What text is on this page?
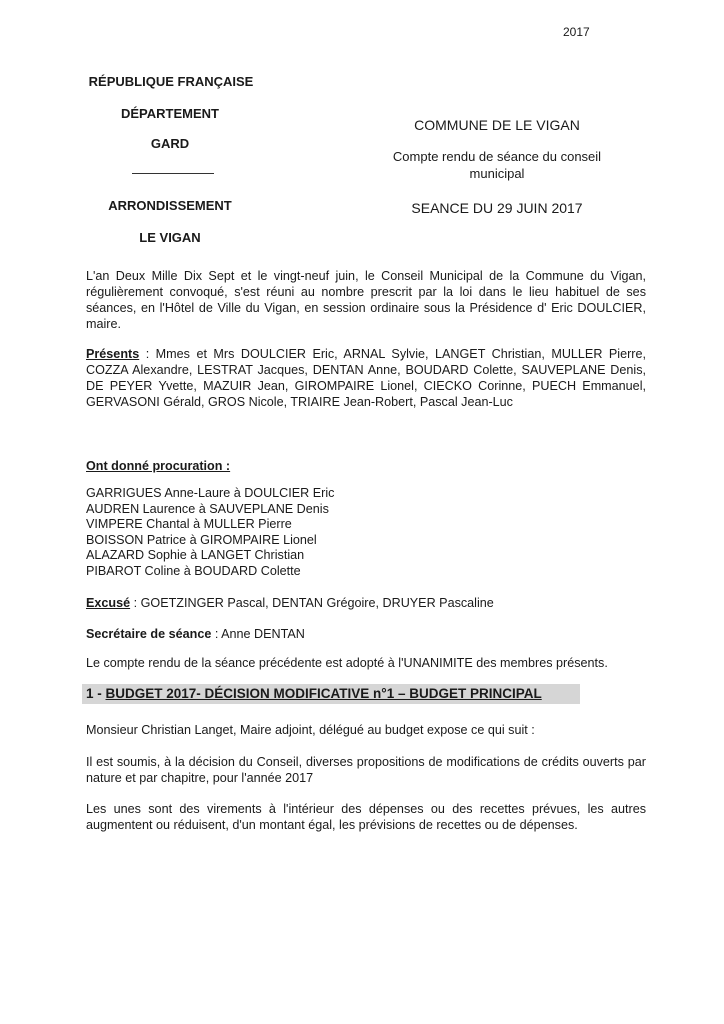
2017
RÉPUBLIQUE FRANÇAISE
DÉPARTEMENT
GARD
ARRONDISSEMENT
LE VIGAN
COMMUNE DE LE VIGAN
Compte rendu de séance du conseil municipal
SEANCE DU 29 JUIN 2017
L'an Deux Mille Dix Sept et le vingt-neuf juin, le Conseil Municipal de la Commune du Vigan, régulièrement convoqué, s'est réuni au nombre prescrit par la loi dans le lieu habituel de ses séances, en l'Hôtel de Ville du Vigan, en session ordinaire sous la Présidence d' Eric DOULCIER, maire.
Présents : Mmes et Mrs DOULCIER Eric, ARNAL Sylvie, LANGET Christian, MULLER Pierre, COZZA Alexandre, LESTRAT Jacques, DENTAN Anne, BOUDARD Colette, SAUVEPLANE Denis, DE PEYER Yvette, MAZUIR Jean, GIROMPAIRE Lionel, CIECKO Corinne, PUECH Emmanuel, GERVASONI Gérald, GROS Nicole, TRIAIRE Jean-Robert, Pascal Jean-Luc
Ont donné procuration :
GARRIGUES Anne-Laure à DOULCIER Eric
AUDREN Laurence à SAUVEPLANE Denis
VIMPERE Chantal à MULLER Pierre
BOISSON Patrice à GIROMPAIRE Lionel
ALAZARD Sophie à LANGET Christian
PIBAROT Coline à BOUDARD Colette
Excusé : GOETZINGER Pascal, DENTAN Grégoire, DRUYER Pascaline
Secrétaire de séance : Anne DENTAN
Le compte rendu de la séance précédente est adopté à l'UNANIMITE des membres présents.
1 - BUDGET 2017- DÉCISION MODIFICATIVE n°1 – BUDGET PRINCIPAL
Monsieur Christian Langet, Maire adjoint, délégué au budget expose ce qui suit :
Il est soumis, à la décision du Conseil, diverses propositions de modifications de crédits ouverts par nature et par chapitre, pour l'année 2017
Les unes sont des virements à l'intérieur des dépenses ou des recettes prévues, les autres augmentent ou réduisent, d'un montant égal, les prévisions de recettes ou de dépenses.
